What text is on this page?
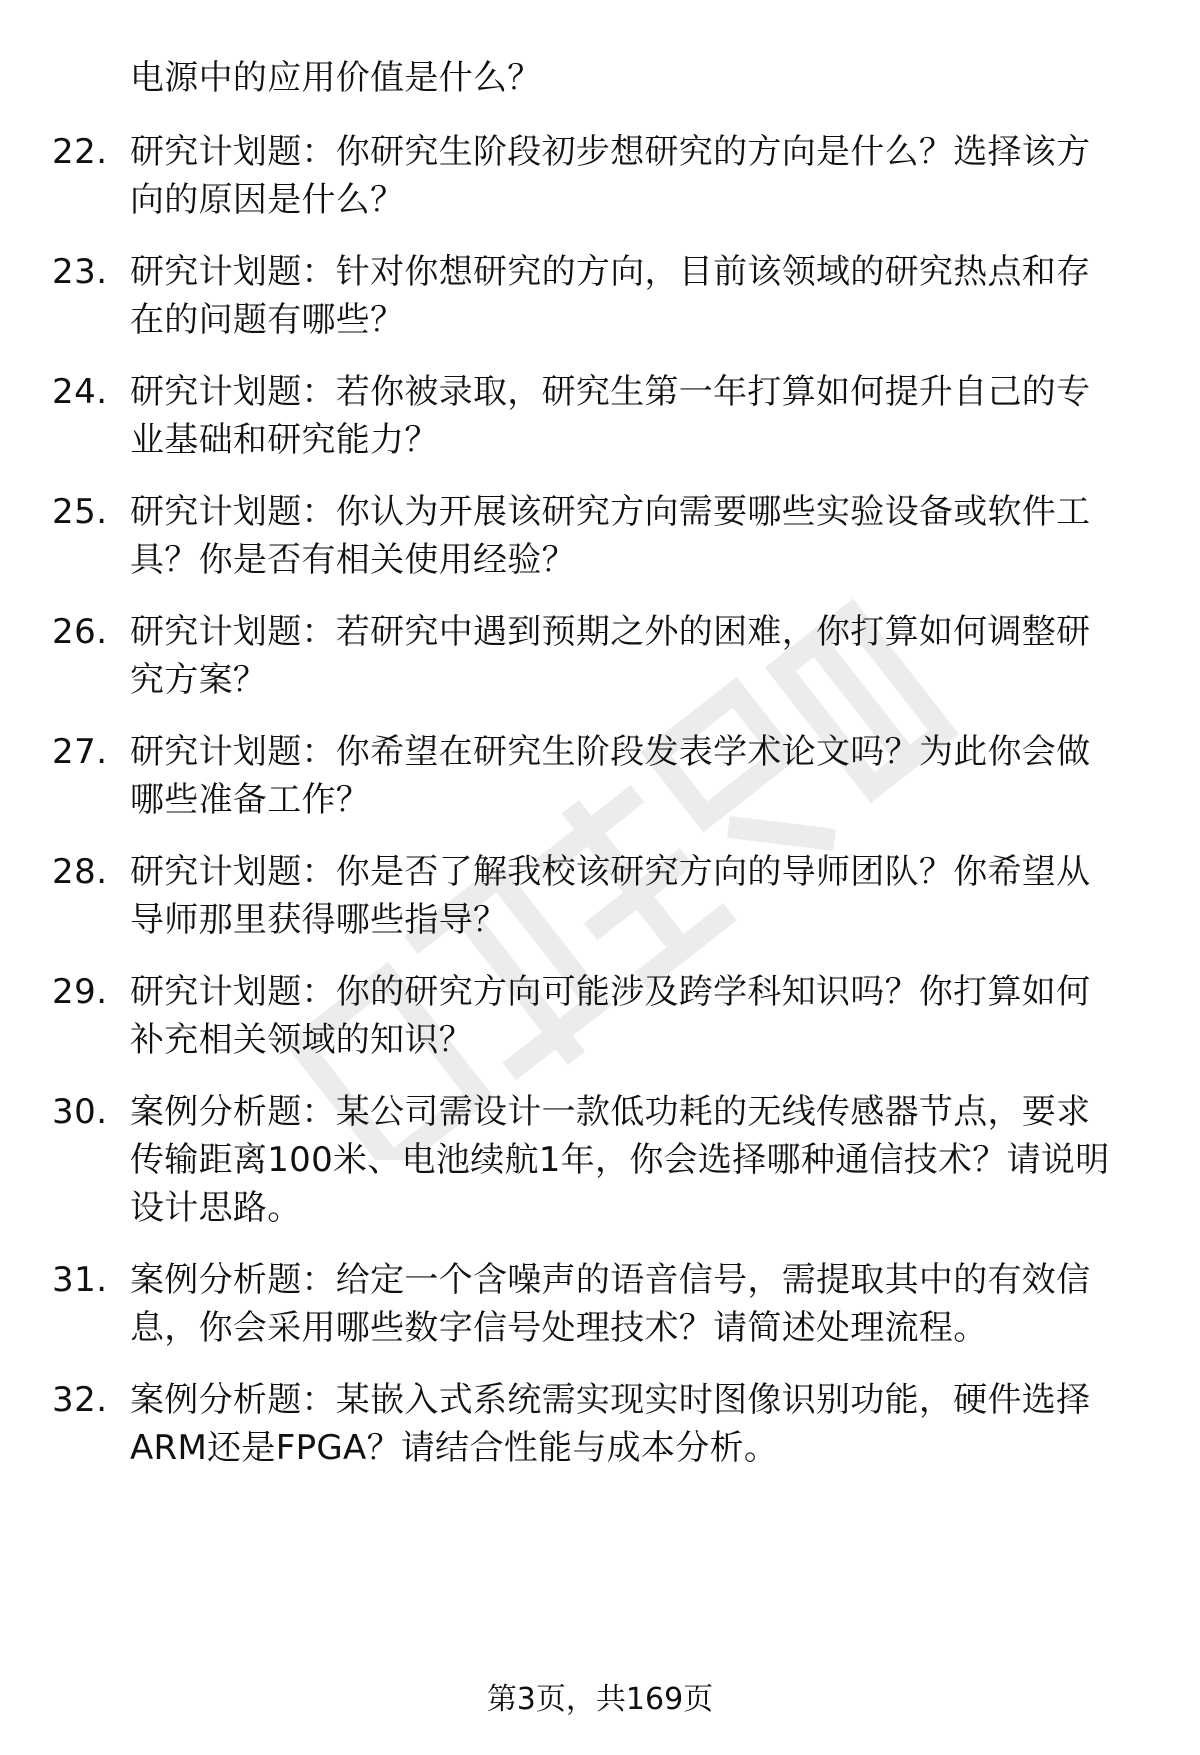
电源中的应用价值是什么？
22. 研究计划题：你研究生阶段初步想研究的方向是什么？选择该方
向的原因是什么？
23. 研究计划题：针对你想研究的方向，目前该领域的研究热点和存
在的问题有哪些？
24. 研究计划题：若你被录取，研究生第一年打算如何提升自己的专
业基础和研究能力？
25. 研究计划题：你认为开展该研究方向需要哪些实验设备或软件工
具？你是否有相关使用经验？
26. 研究计划题：若研究中遇到预期之外的困难，你打算如何调整研
究方案？
27. 研究计划题：你希望在研究生阶段发表学术论文吗？为此你会做
哪些准备工作？
28. 研究计划题：你是否了解我校该研究方向的导师团队？你希望从
导师那里获得哪些指导？
29. 研究计划题：你的研究方向可能涉及跨学科知识吗？你打算如何
补充相关领域的知识？
30. 案例分析题：某公司需设计一款低功耗的无线传感器节点，要求
传输距离100米、电池续航1年，你会选择哪种通信技术？请说明
设计思路。
31. 案例分析题：给定一个含噪声的语音信号，需提取其中的有效信
息，你会采用哪些数字信号处理技术？请简述处理流程。
32. 案例分析题：某嵌入式系统需实现实时图像识别功能，硬件选择
ARM还是FPGA？请结合性能与成本分析。
第3页，共169页
